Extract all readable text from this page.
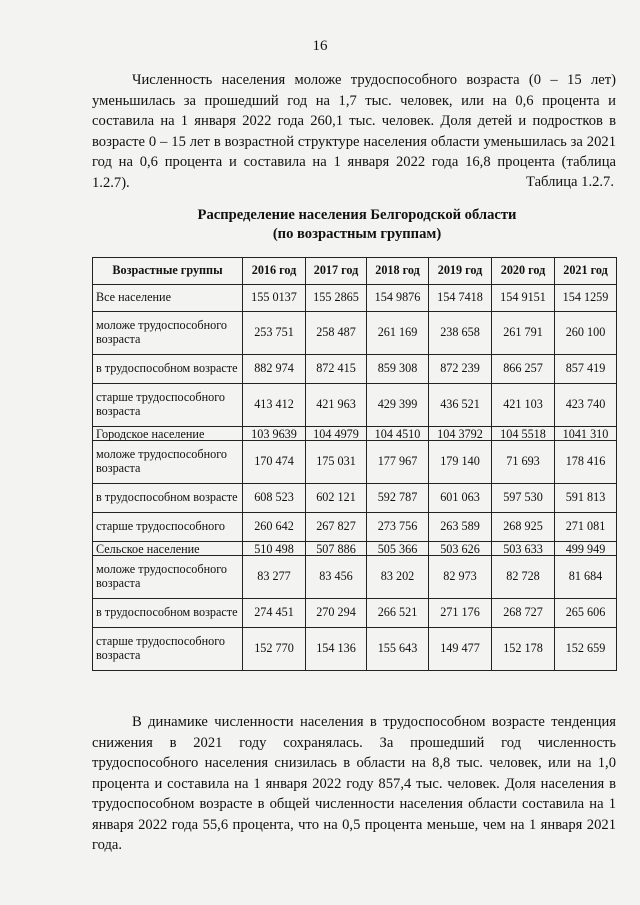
16
Численность населения моложе трудоспособного возраста (0 – 15 лет) уменьшилась за прошедший год на 1,7 тыс. человек, или на 0,6 процента и составила на 1 января 2022 года 260,1 тыс. человек. Доля детей и подростков в возрасте 0 – 15 лет в возрастной структуре населения области уменьшилась за 2021 год на 0,6 процента и составила на 1 января 2022 года 16,8 процента (таблица 1.2.7).	Таблица 1.2.7.
Распределение населения Белгородской области
(по возрастным группам)
Возрастные группы	2016 год	2017 год	2018 год	2019 год	2020 год	2021 год
Все население	155 0137	155 2865	154 9876	154 7418	154 9151	154 1259
моложе трудоспособного возраста	253 751	258 487	261 169	238 658	261 791	260 100
в трудоспособном возрасте	882 974	872 415	859 308	872 239	866 257	857 419
старше трудоспособного возраста	413 412	421 963	429 399	436 521	421 103	423 740
Городское население	103 9639	104 4979	104 4510	104 3792	104 5518	1041 310
моложе трудоспособного возраста	170 474	175 031	177 967	179 140	71 693	178 416
в трудоспособном возрасте	608 523	602 121	592 787	601 063	597 530	591 813
старше трудоспособного	260 642	267 827	273 756	263 589	268 925	271 081
Сельское население	510 498	507 886	505 366	503 626	503 633	499 949
моложе трудоспособного возраста	83 277	83 456	83 202	82 973	82 728	81 684
в трудоспособном возрасте	274 451	270 294	266 521	271 176	268 727	265 606
старше трудоспособного возраста	152 770	154 136	155 643	149 477	152 178	152 659
В динамике численности населения в трудоспособном возрасте тенденция снижения в 2021 году сохранялась. За прошедший год численность трудоспособного населения снизилась в области на 8,8 тыс. человек, или на 1,0 процента и составила на 1 января 2022 году 857,4 тыс. человек. Доля населения в трудоспособном возрасте в общей численности населения области составила на 1 января 2022 года 55,6 процента, что на 0,5 процента меньше, чем на 1 января 2021 года.
